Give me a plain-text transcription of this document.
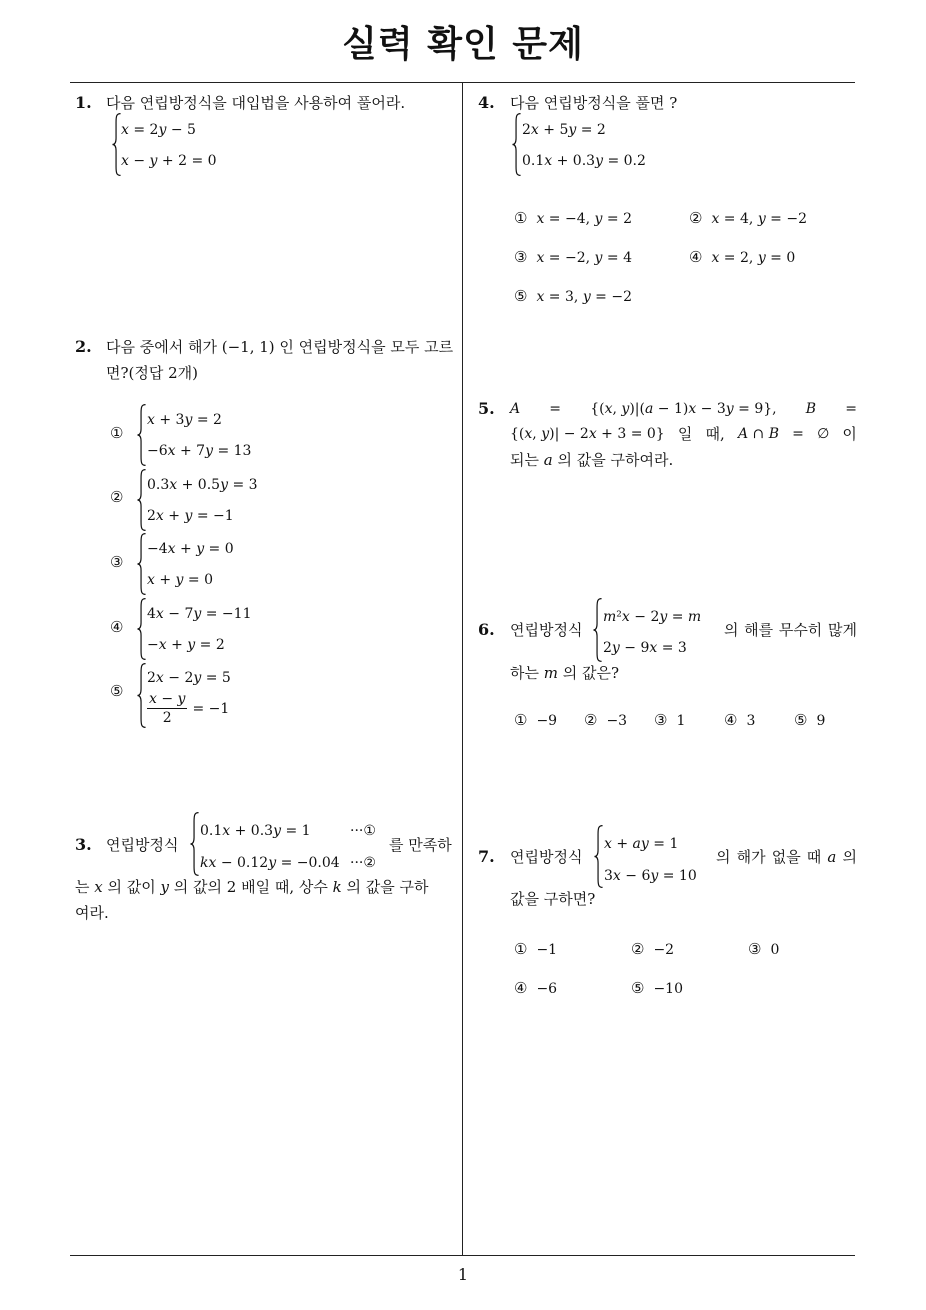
실력 확인 문제
1
1. 다음 연립방정식을 대입법을 사용하여 풀어라.
x = 2y − 5
x − y + 2 = 0
2. 다음 중에서 해가 (−1, 1) 인 연립방정식을 모두 고르
면?(정답 2개)
①
x + 3y = 2
−6x + 7y = 13
②
0.3x + 0.5y = 3
2x + y = −1
③
−4x + y = 0
x + y = 0
④
4x − 7y = −11
−x + y = 2
⑤
2x − 2y = 5
$\frac{x - y}{2} = -1$
3. 연립방정식
0.1x + 0.3y = 1	···①
kx − 0.12y = −0.04 ···②
를 만족하
는 x 의 값이 y 의 값의 2 배일 때, 상수 k 의 값을 구하
여라.
4. 다음 연립방정식을 풀면 ?
2x + 5y = 2
0.1x + 0.3y = 0.2
① x = −4, y = 2	② x = 4, y = −2
③ x = −2, y = 4	④ x = 2, y = 0
⑤ x = 3, y = −2
5. A = {(x, y)|(a − 1)x − 3y = 9}, B =
{(x, y)| − 2x + 3 = 0} 일 때, A ∩ B = ∅ 이
되는 a 의 값을 구하여라.
6. 연립방정식
m²x − 2y = m
2y − 9x = 3
의 해를 무수히 많게
하는 m 의 값은?
① −9 ② −3 ③ 1	④ 3	⑤ 9
7. 연립방정식
x + ay = 1
3x − 6y = 10
의 해가 없을 때 a 의
값을 구하면?
① −1	② −2	③ 0
④ −6	⑤ −10
